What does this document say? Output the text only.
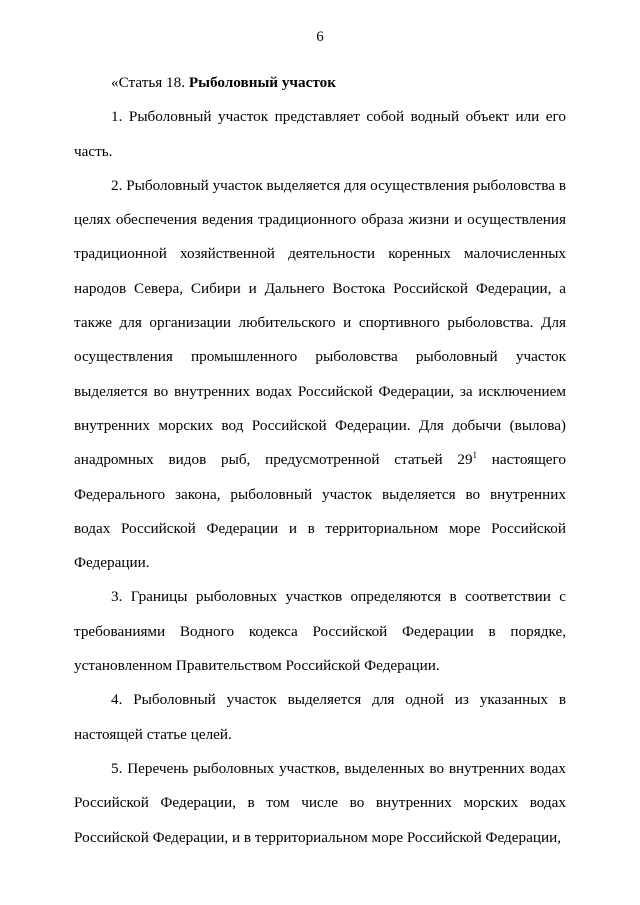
6

«Статья 18. Рыболовный участок

1. Рыболовный участок представляет собой водный объект или его часть.

2. Рыболовный участок выделяется для осуществления рыболовства в целях обеспечения ведения традиционного образа жизни и осуществления традиционной хозяйственной деятельности коренных малочисленных народов Севера, Сибири и Дальнего Востока Российской Федерации, а также для организации любительского и спортивного рыболовства. Для осуществления промышленного рыболовства рыболовный участок выделяется во внутренних водах Российской Федерации, за исключением внутренних морских вод Российской Федерации. Для добычи (вылова) анадромных видов рыб, предусмотренной статьей $29^1$ настоящего Федерального закона, рыболовный участок выделяется во внутренних водах Российской Федерации и в территориальном море Российской Федерации.

3. Границы рыболовных участков определяются в соответствии с требованиями Водного кодекса Российской Федерации в порядке, установленном Правительством Российской Федерации.

4. Рыболовный участок выделяется для одной из указанных в настоящей статье целей.

5. Перечень рыболовных участков, выделенных во внутренних водах Российской Федерации, в том числе во внутренних морских водах Российской Федерации, и в территориальном море Российской Федерации,
